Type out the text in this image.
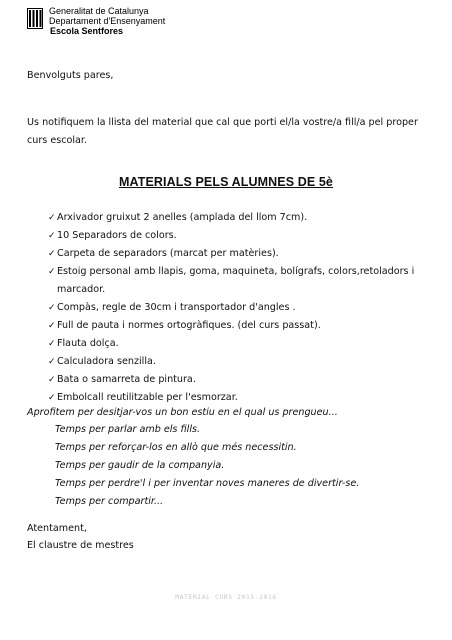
Generalitat de Catalunya
Departament d'Ensenyament
Escola Sentfores
Benvolguts pares,
Us notifiquem la llista del material que cal que porti el/la vostre/a fill/a pel proper curs escolar.
MATERIALS PELS ALUMNES DE 5è
✓ Arxivador gruixut 2 anelles (amplada del llom 7cm).
✓ 10 Separadors de colors.
✓ Carpeta de separadors (marcat per matèries).
✓ Estoig personal amb llapis, goma, maquineta, bolígrafs, colors,retoladors i marcador.
✓ Compàs, regle de 30cm i transportador d'angles .
✓ Full de pauta i normes ortogràfiques. (del curs passat).
✓ Flauta dolça.
✓ Calculadora senzilla.
✓ Bata o samarreta de pintura.
✓ Embolcall reutilitzable per l'esmorzar.
Aprofitem per desitjar-vos un bon estiu en el qual us prengueu...
Temps per parlar amb els fills.
Temps per reforçar-los en allò que més necessitin.
Temps per gaudir de la companyia.
Temps per perdre'l i per inventar noves maneres de divertir-se.
Temps per compartir...
Atentament,
El claustre de mestres
MATERIAL CURS 2015-2016
